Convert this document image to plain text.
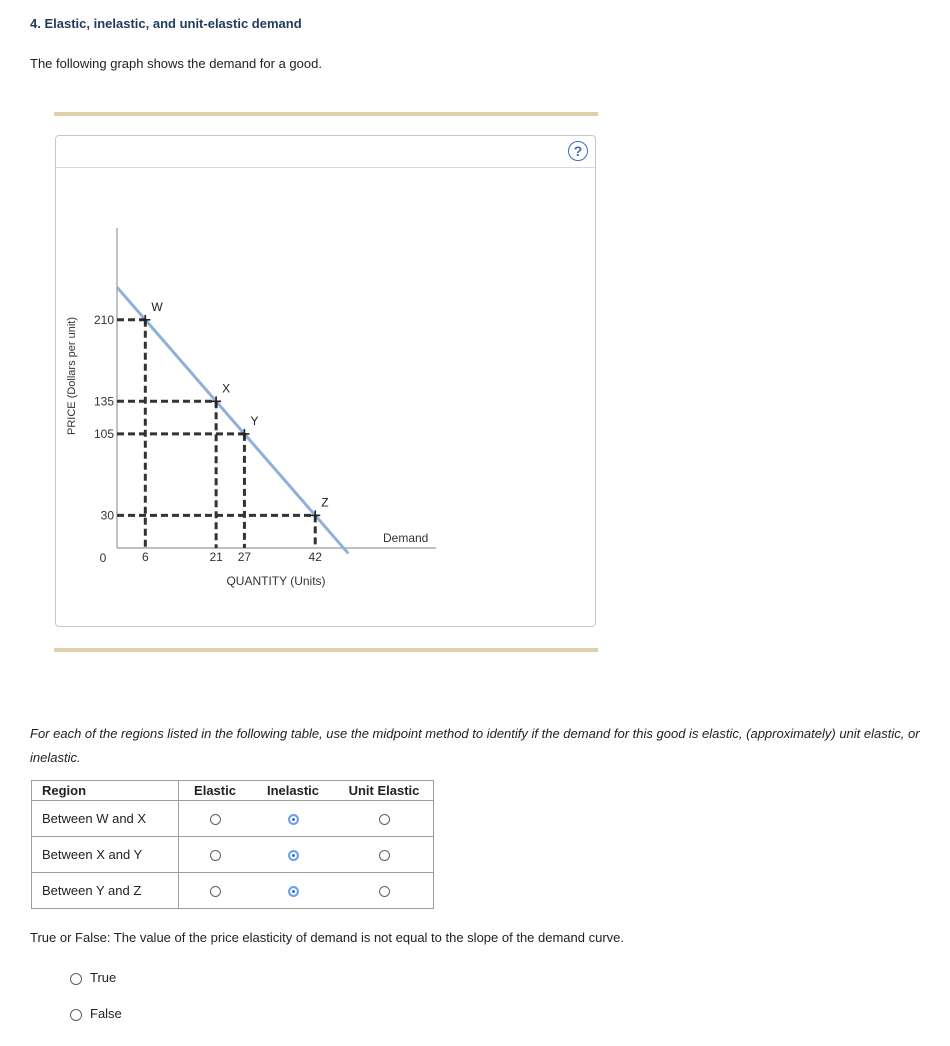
4. Elastic, inelastic, and unit-elastic demand

The following graph shows the demand for a good.

?
W
X
Y
Z
210
135
105
30
6	21 27	42
0
Demand
QUANTITY (Units)
PRICE (Dollars per unit)

For each of the regions listed in the following table, use the midpoint method to identify if the demand for this good is elastic, (approximately) unit elastic, or inelastic.

Region	Elastic	Inelastic	Unit Elastic
Between W and X			
Between X and Y			
Between Y and Z			

True or False: The value of the price elasticity of demand is not equal to the slope of the demand curve.

True
False
